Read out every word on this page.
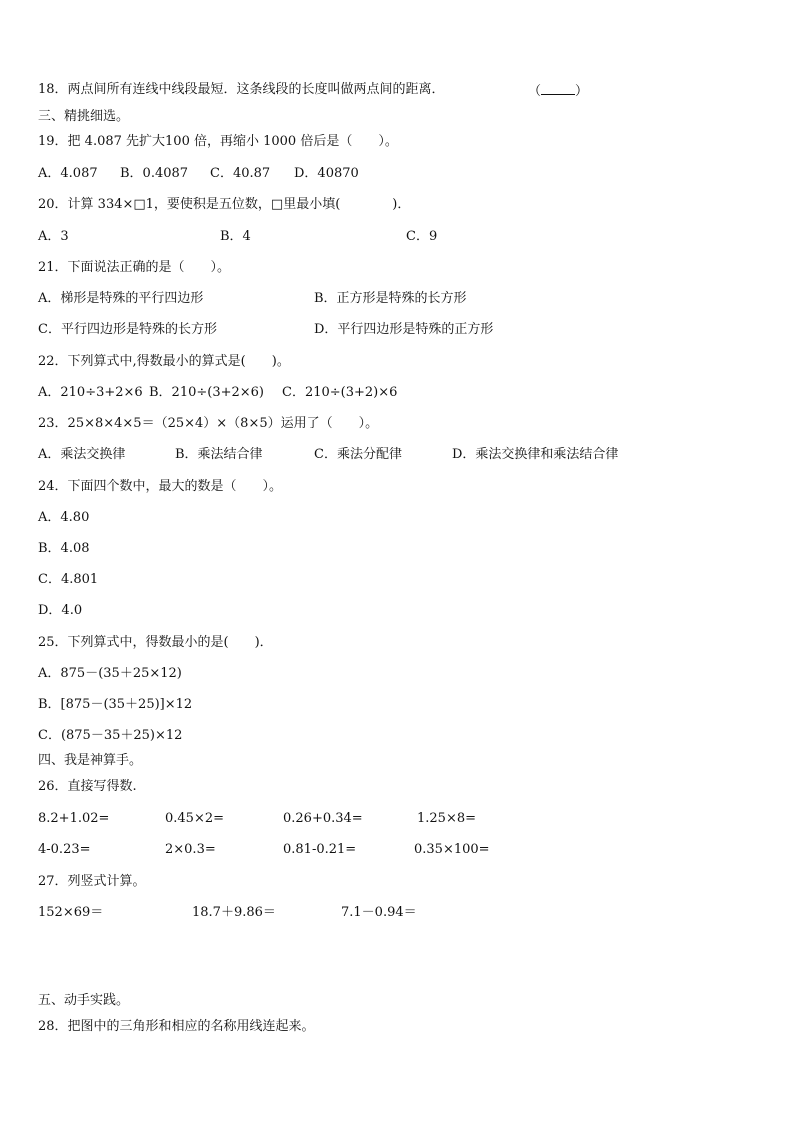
18．两点间所有连线中线段最短．这条线段的长度叫做两点间的距离．	（	）
三、精挑细选。
19．把 4.087 先扩大100 倍，再缩小 1000 倍后是（　　）。
A．4.087 B．0.4087 C．40.87 D．40870
20．计算 334×□1，要使积是五位数，□里最小填(　　　　)．
A．3	B．4	C．9
21．下面说法正确的是（　　）。
A．梯形是特殊的平行四边形	B．正方形是特殊的长方形
C．平行四边形是特殊的长方形	D．平行四边形是特殊的正方形
22．下列算式中,得数最小的算式是(　　)。
A．210÷3+2×6 B．210÷(3+2×6) C．210÷(3+2)×6
23．25×8×4×5＝（25×4）×（8×5）运用了（　　）。
A．乘法交换律	B．乘法结合律	C．乘法分配律	D．乘法交换律和乘法结合律
24．下面四个数中，最大的数是（　　）。
A．4.80
B．4.08
C．4.801
D．4.0
25．下列算式中，得数最小的是(　　)．
A．875－(35＋25×12)
B．[875－(35＋25)]×12
C．(875－35＋25)×12
四、我是神算手。
26．直接写得数.
8.2+1.02=	0.45×2=	0.26+0.34=	1.25×8=
4-0.23=	2×0.3=	0.81-0.21=	0.35×100=
27．列竖式计算。
152×69＝	18.7＋9.86＝	7.1－0.94＝
五、动手实践。
28．把图中的三角形和相应的名称用线连起来。
